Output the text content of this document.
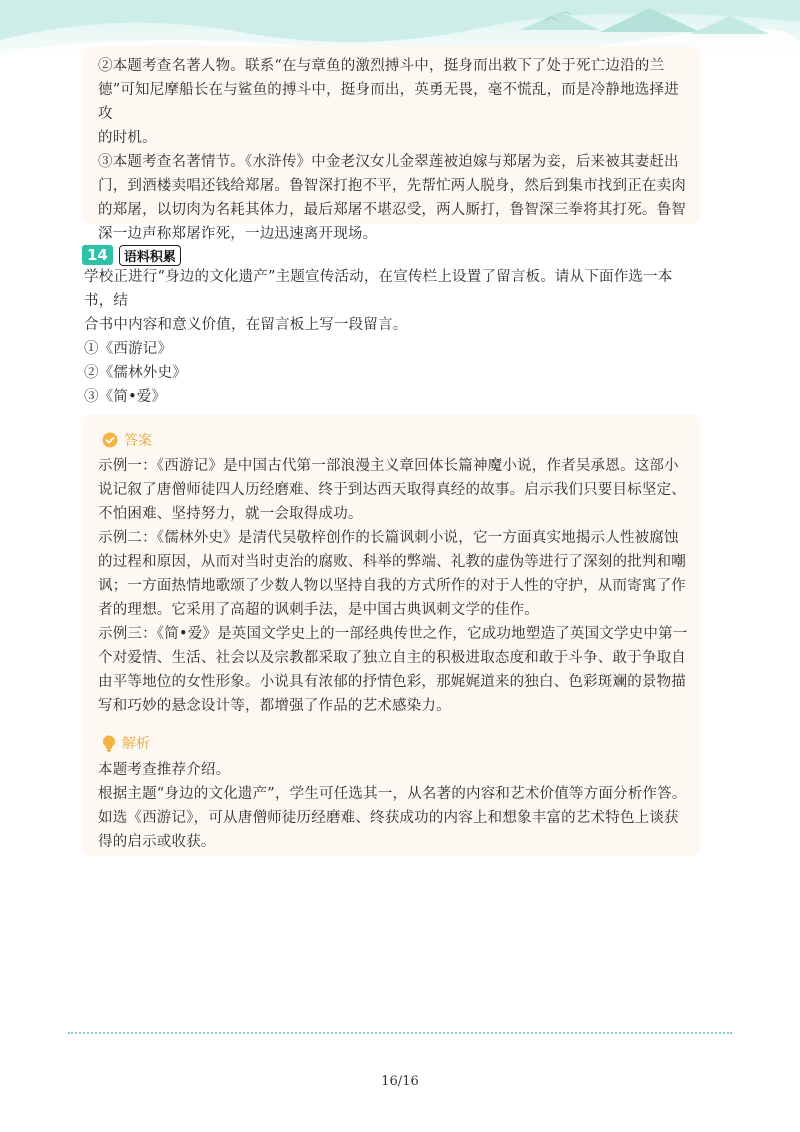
②本题考查名著人物。联系“在与章鱼的激烈搏斗中，挺身而出救下了处于死亡边沿的兰
德”可知尼摩船长在与鲨鱼的搏斗中，挺身而出，英勇无畏，毫不慌乱，而是冷静地选择进攻
的时机。
③本题考查名著情节。《水浒传》中金老汉女儿金翠莲被迫嫁与郑屠为妾，后来被其妻赶出
门，到酒楼卖唱还钱给郑屠。鲁智深打抱不平，先帮忙两人脱身，然后到集市找到正在卖肉
的郑屠，以切肉为名耗其体力，最后郑屠不堪忍受，两人厮打，鲁智深三拳将其打死。鲁智
深一边声称郑屠诈死，一边迅速离开现场。
14	语料积累
学校正进行“身边的文化遗产”主题宣传活动，在宣传栏上设置了留言板。请从下面作选一本书，结
合书中内容和意义价值，在留言板上写一段留言。
①《西游记》
②《儒林外史》
③《简•爱》
答案
示例一：《西游记》是中国古代第一部浪漫主义章回体长篇神魔小说，作者吴承恩。这部小
说记叙了唐僧师徒四人历经磨难、终于到达西天取得真经的故事。启示我们只要目标坚定、
不怕困难、坚持努力，就一会取得成功。
示例二：《儒林外史》是清代吴敬梓创作的长篇讽刺小说，它一方面真实地揭示人性被腐蚀
的过程和原因，从而对当时吏治的腐败、科举的弊端、礼教的虚伪等进行了深刻的批判和嘲
讽；一方面热情地歌颂了少数人物以坚持自我的方式所作的对于人性的守护，从而寄寓了作
者的理想。它采用了高超的讽刺手法，是中国古典讽刺文学的佳作。
示例三：《简•爱》是英国文学史上的一部经典传世之作，它成功地塑造了英国文学史中第一
个对爱情、生活、社会以及宗教都采取了独立自主的积极进取态度和敢于斗争、敢于争取自
由平等地位的女性形象。小说具有浓郁的抒情色彩，那娓娓道来的独白、色彩斑斓的景物描
写和巧妙的悬念设计等，都增强了作品的艺术感染力。
解析
本题考查推荐介绍。
根据主题“身边的文化遗产”，学生可任选其一，从名著的内容和艺术价值等方面分析作答。
如选《西游记》，可从唐僧师徒历经磨难、终获成功的内容上和想象丰富的艺术特色上谈获
得的启示或收获。
16/16
